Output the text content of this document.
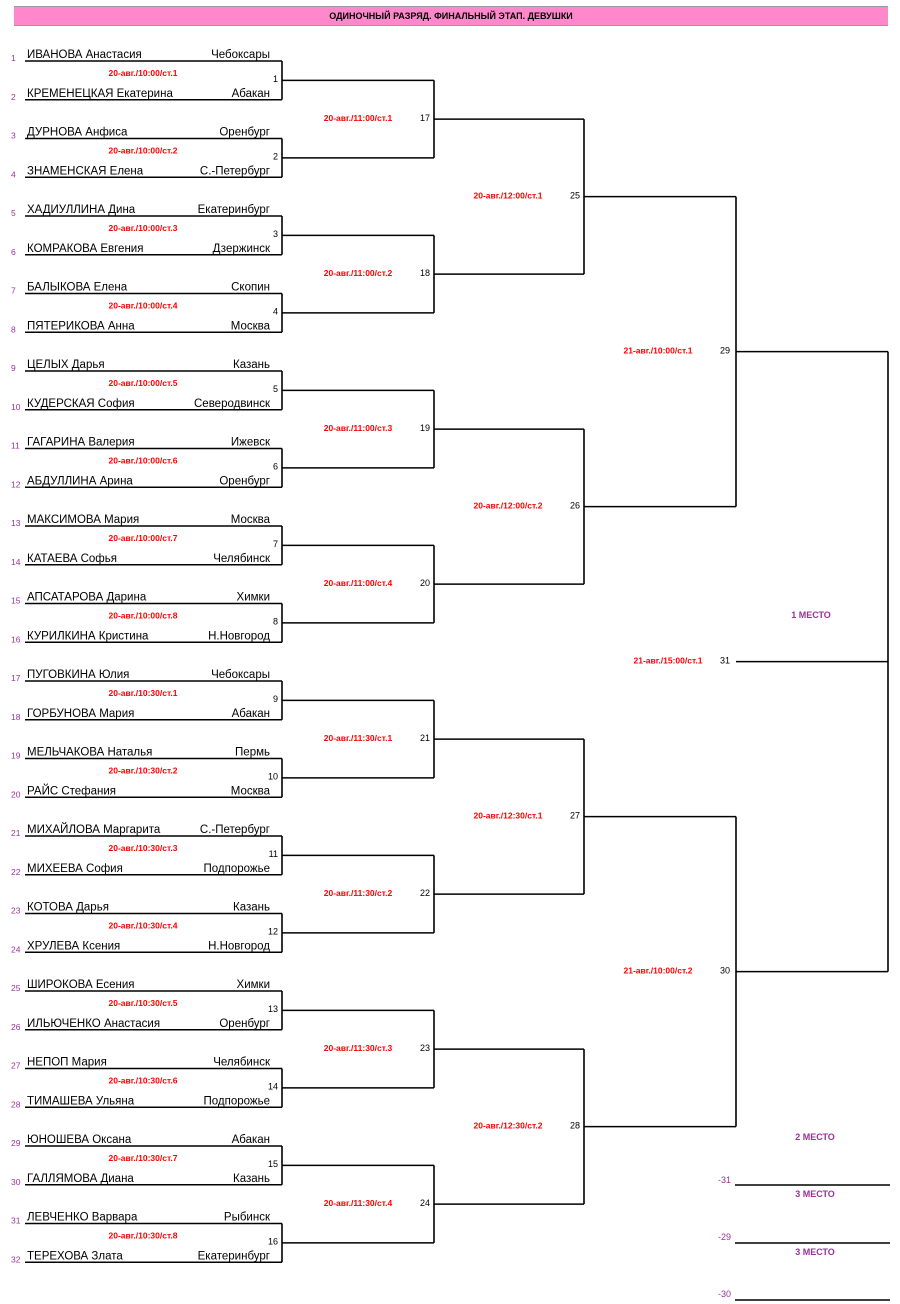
ОДИНОЧНЫЙ РАЗРЯД. ФИНАЛЬНЫЙ ЭТАП. ДЕВУШКИ
1 ИВАНОВА Анастасия	Чебоксары
2 КРЕМЕНЕЦКАЯ Екатерина	Абакан
3 ДУРНОВА Анфиса	Оренбург
4 ЗНАМЕНСКАЯ Елена	С.-Петербург
5 ХАДИУЛЛИНА Дина	Екатеринбург
6 КОМРАКОВА Евгения	Дзержинск
7 БАЛЫКОВА Елена	Скопин
8 ПЯТЕРИКОВА Анна	Москва
9 ЦЕЛЫХ Дарья	Казань
10 КУДЕРСКАЯ София	Северодвинск
11 ГАГАРИНА Валерия	Ижевск
12 АБДУЛЛИНА Арина	Оренбург
13 МАКСИМОВА Мария	Москва
14 КАТАЕВА Софья	Челябинск
15 АПСАТАРОВА Дарина	Химки
16 КУРИЛКИНА Кристина	Н.Новгород
17 ПУГОВКИНА Юлия	Чебоксары
18 ГОРБУНОВА Мария	Абакан
19 МЕЛЬЧАКОВА Наталья	Пермь
20 РАЙС Стефания	Москва
21 МИХАЙЛОВА Маргарита	С.-Петербург
22 МИХЕЕВА София	Подпорожье
23 КОТОВА Дарья	Казань
24 ХРУЛЕВА Ксения	Н.Новгород
25 ШИРОКОВА Есения	Химки
26 ИЛЬЮЧЕНКО Анастасия	Оренбург
27 НЕПОП Мария	Челябинск
28 ТИМАШЕВА Ульяна	Подпорожье
29 ЮНОШЕВА Оксана	Абакан
30 ГАЛЛЯМОВА Диана	Казань
31 ЛЕВЧЕНКО Варвара	Рыбинск
32 ТЕРЕХОВА Злата	Екатеринбург
20-авг./10:00/ст.1
1
20-авг./10:00/ст.2
2
20-авг./10:00/ст.3
3
20-авг./10:00/ст.4
4
20-авг./10:00/ст.5
5
20-авг./10:00/ст.6
6
20-авг./10:00/ст.7
7
20-авг./10:00/ст.8
8
20-авг./10:30/ст.1
9
20-авг./10:30/ст.2
10
20-авг./10:30/ст.3
11
20-авг./10:30/ст.4
12
20-авг./10:30/ст.5
13
20-авг./10:30/ст.6
14
20-авг./10:30/ст.7
15
20-авг./10:30/ст.8
16
20-авг./11:00/ст.1	17
20-авг./11:00/ст.2	18
20-авг./11:00/ст.3	19
20-авг./11:00/ст.4	20
20-авг./11:30/ст.1	21
20-авг./11:30/ст.2	22
20-авг./11:30/ст.3	23
20-авг./11:30/ст.4	24
20-авг./12:00/ст.1	25
20-авг./12:00/ст.2	26
20-авг./12:30/ст.1	27
20-авг./12:30/ст.2	28
21-авг./10:00/ст.1	29
21-авг./10:00/ст.2	30
21-авг./15:00/ст.1 31
1 МЕСТО
2 МЕСТО
-31
3 МЕСТО
-29
3 МЕСТО
-30
